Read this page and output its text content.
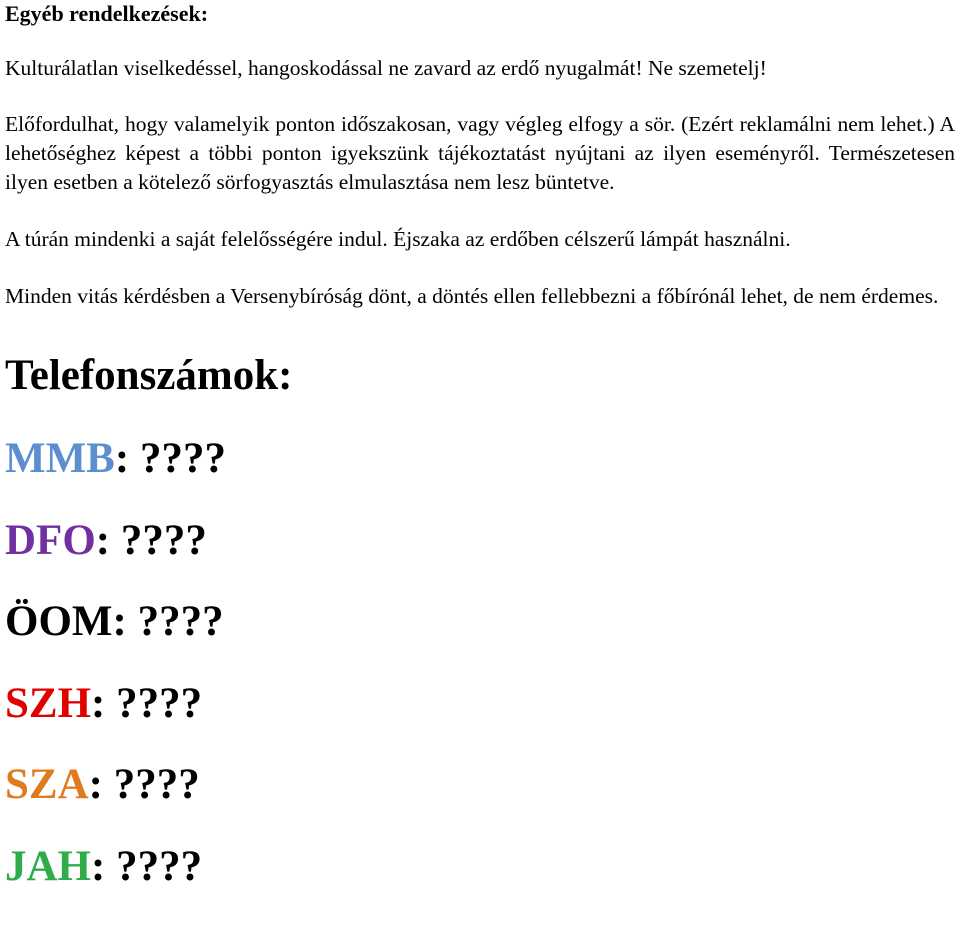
Egyéb rendelkezések:

Kulturálatlan viselkedéssel, hangoskodással ne zavard az erdő nyugalmát! Ne szemetelj!

Előfordulhat, hogy valamelyik ponton időszakosan, vagy végleg elfogy a sör. (Ezért reklamálni nem lehet.) A lehetőséghez képest a többi ponton igyekszünk tájékoztatást nyújtani az ilyen eseményről. Természetesen ilyen esetben a kötelező sörfogyasztás elmulasztása nem lesz büntetve.

A túrán mindenki a saját felelősségére indul. Éjszaka az erdőben célszerű lámpát használni.

Minden vitás kérdésben a Versenybíróság dönt, a döntés ellen fellebbezni a főbírónál lehet, de nem érdemes.

Telefonszámok:
MMB: ????
DFO: ????
ÖOM: ????
SZH: ????
SZA: ????
JAH: ????
